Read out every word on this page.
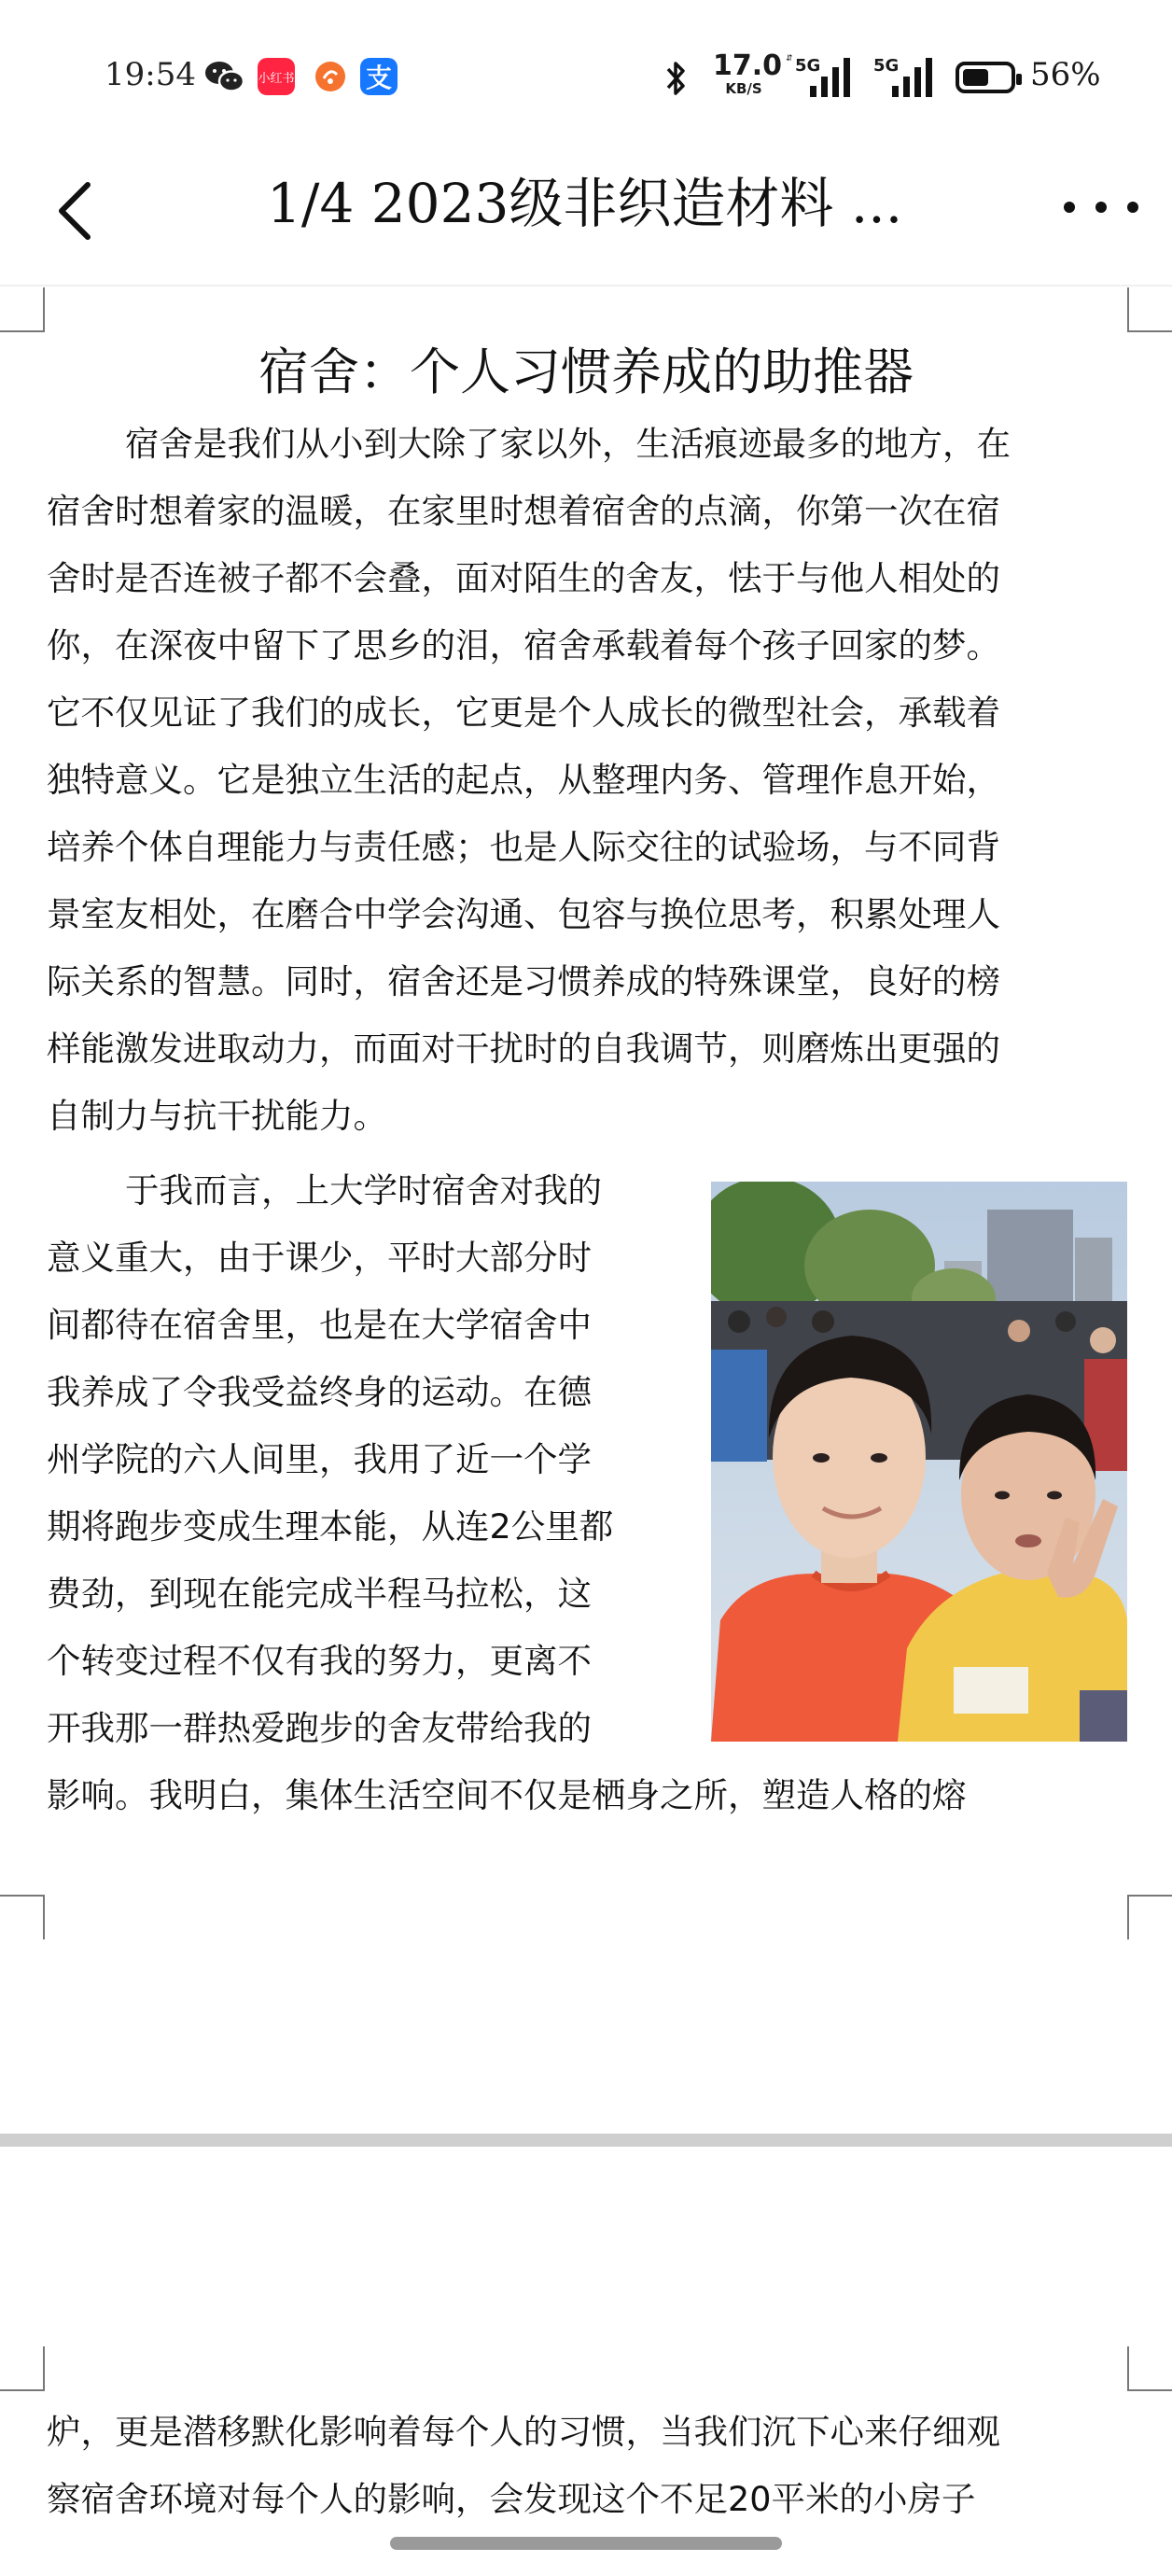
19:54	小红书	支	17.0
KB/S
⇵ 5G	5G	56%
1/4 2023级非织造材料 ...
宿舍：个人习惯养成的助推器
宿舍是我们从小到大除了家以外，生活痕迹最多的地方，在
宿舍时想着家的温暖，在家里时想着宿舍的点滴，你第一次在宿
舍时是否连被子都不会叠，面对陌生的舍友，怯于与他人相处的
你，在深夜中留下了思乡的泪，宿舍承载着每个孩子回家的梦。
它不仅见证了我们的成长，它更是个人成长的微型社会，承载着
独特意义。它是独立生活的起点，从整理内务、管理作息开始，
培养个体自理能力与责任感；也是人际交往的试验场，与不同背
景室友相处，在磨合中学会沟通、包容与换位思考，积累处理人
际关系的智慧。同时，宿舍还是习惯养成的特殊课堂，良好的榜
样能激发进取动力，而面对干扰时的自我调节，则磨炼出更强的
自制力与抗干扰能力。
于我而言，上大学时宿舍对我的
意义重大，由于课少，平时大部分时
间都待在宿舍里，也是在大学宿舍中
我养成了令我受益终身的运动。在德
州学院的六人间里，我用了近一个学
期将跑步变成生理本能，从连2公里都
费劲，到现在能完成半程马拉松，这
个转变过程不仅有我的努力，更离不
开我那一群热爱跑步的舍友带给我的
影响。我明白，集体生活空间不仅是栖身之所，塑造人格的熔
炉，更是潜移默化影响着每个人的习惯，当我们沉下心来仔细观
察宿舍环境对每个人的影响，会发现这个不足20平米的小房子
